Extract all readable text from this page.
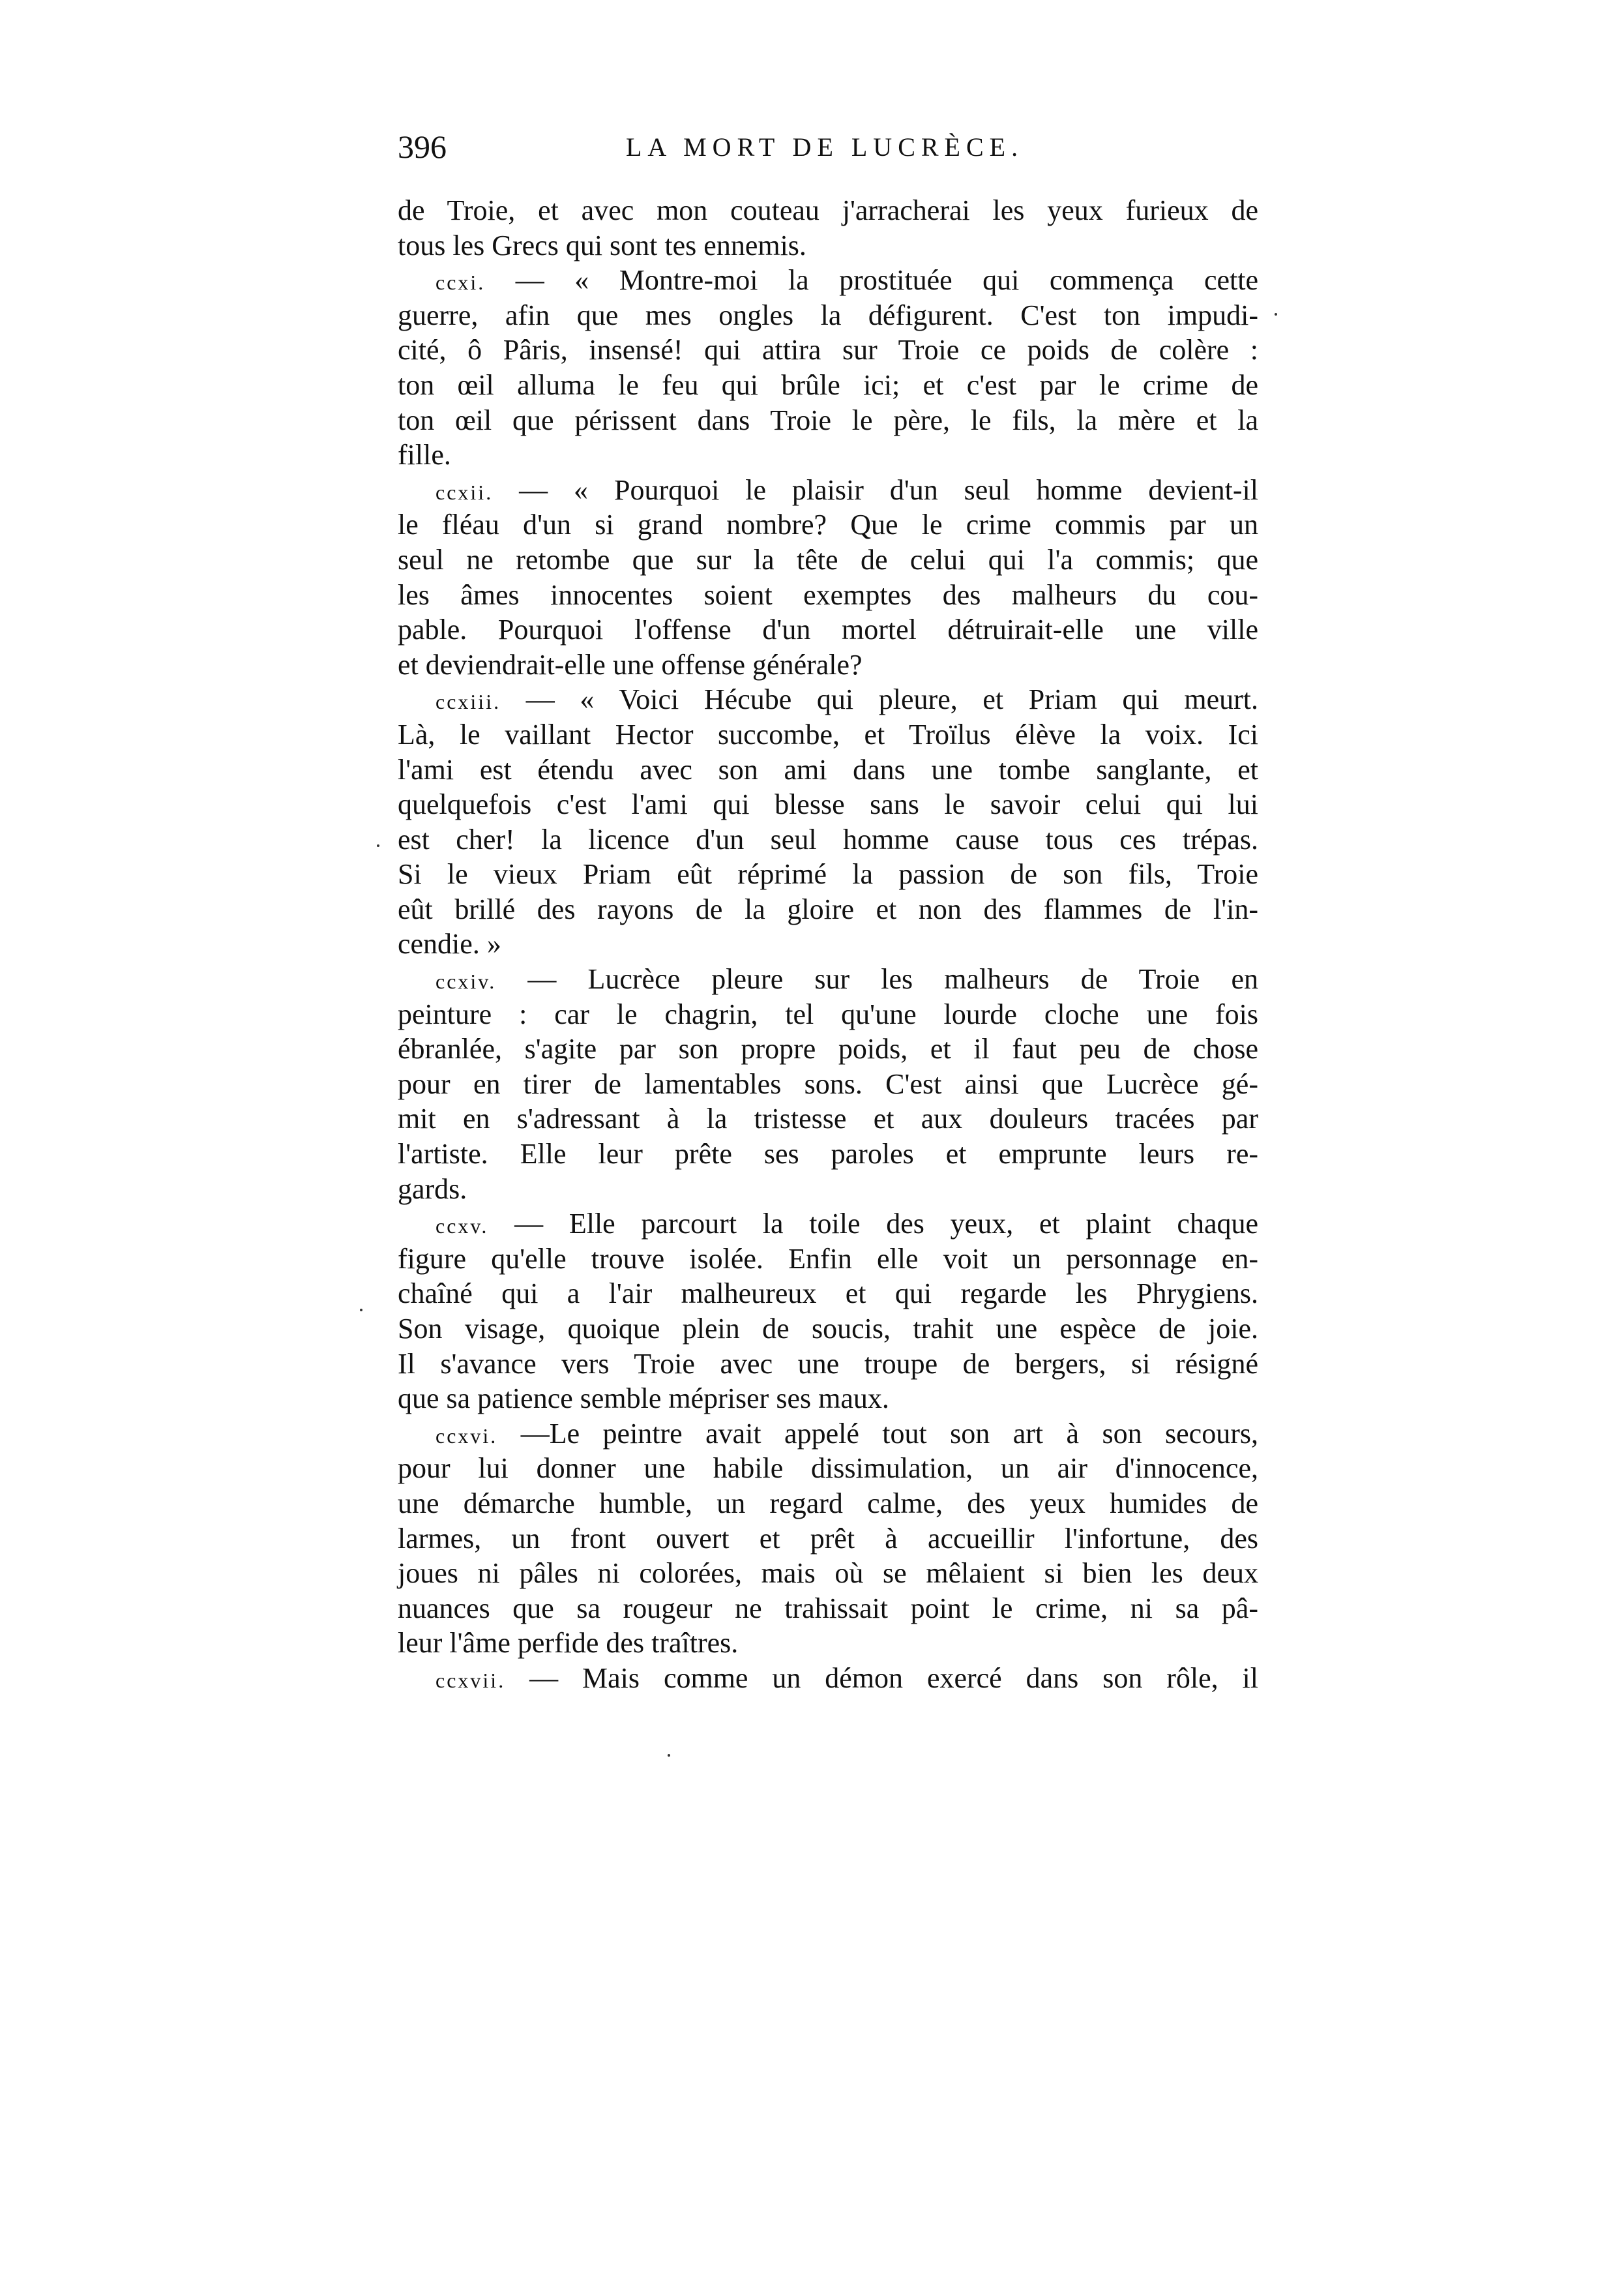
396	LA MORT DE LUCRÈCE.
de Troie, et avec mon couteau j'arracherai les yeux furieux de
tous les Grecs qui sont tes ennemis.
ccxi. — « Montre-moi la prostituée qui commença cette
guerre, afin que mes ongles la défigurent. C'est ton impudi-
cité, ô Pâris, insensé! qui attira sur Troie ce poids de colère :
ton œil alluma le feu qui brûle ici; et c'est par le crime de
ton œil que périssent dans Troie le père, le fils, la mère et la
fille.
ccxii. — « Pourquoi le plaisir d'un seul homme devient-il
le fléau d'un si grand nombre? Que le crime commis par un
seul ne retombe que sur la tête de celui qui l'a commis; que
les âmes innocentes soient exemptes des malheurs du cou-
pable. Pourquoi l'offense d'un mortel détruirait-elle une ville
et deviendrait-elle une offense générale?
ccxiii. — « Voici Hécube qui pleure, et Priam qui meurt.
Là, le vaillant Hector succombe, et Troïlus élève la voix. Ici
l'ami est étendu avec son ami dans une tombe sanglante, et
quelquefois c'est l'ami qui blesse sans le savoir celui qui lui
est cher! la licence d'un seul homme cause tous ces trépas.
Si le vieux Priam eût réprimé la passion de son fils, Troie
eût brillé des rayons de la gloire et non des flammes de l'in-
cendie. »
ccxiv. — Lucrèce pleure sur les malheurs de Troie en
peinture : car le chagrin, tel qu'une lourde cloche une fois
ébranlée, s'agite par son propre poids, et il faut peu de chose
pour en tirer de lamentables sons. C'est ainsi que Lucrèce gé-
mit en s'adressant à la tristesse et aux douleurs tracées par
l'artiste. Elle leur prête ses paroles et emprunte leurs re-
gards.
ccxv. — Elle parcourt la toile des yeux, et plaint chaque
figure qu'elle trouve isolée. Enfin elle voit un personnage en-
chaîné qui a l'air malheureux et qui regarde les Phrygiens.
Son visage, quoique plein de soucis, trahit une espèce de joie.
Il s'avance vers Troie avec une troupe de bergers, si résigné
que sa patience semble mépriser ses maux.
ccxvi. —Le peintre avait appelé tout son art à son secours,
pour lui donner une habile dissimulation, un air d'innocence,
une démarche humble, un regard calme, des yeux humides de
larmes, un front ouvert et prêt à accueillir l'infortune, des
joues ni pâles ni colorées, mais où se mêlaient si bien les deux
nuances que sa rougeur ne trahissait point le crime, ni sa pâ-
leur l'âme perfide des traîtres.
ccxvii. — Mais comme un démon exercé dans son rôle, il
